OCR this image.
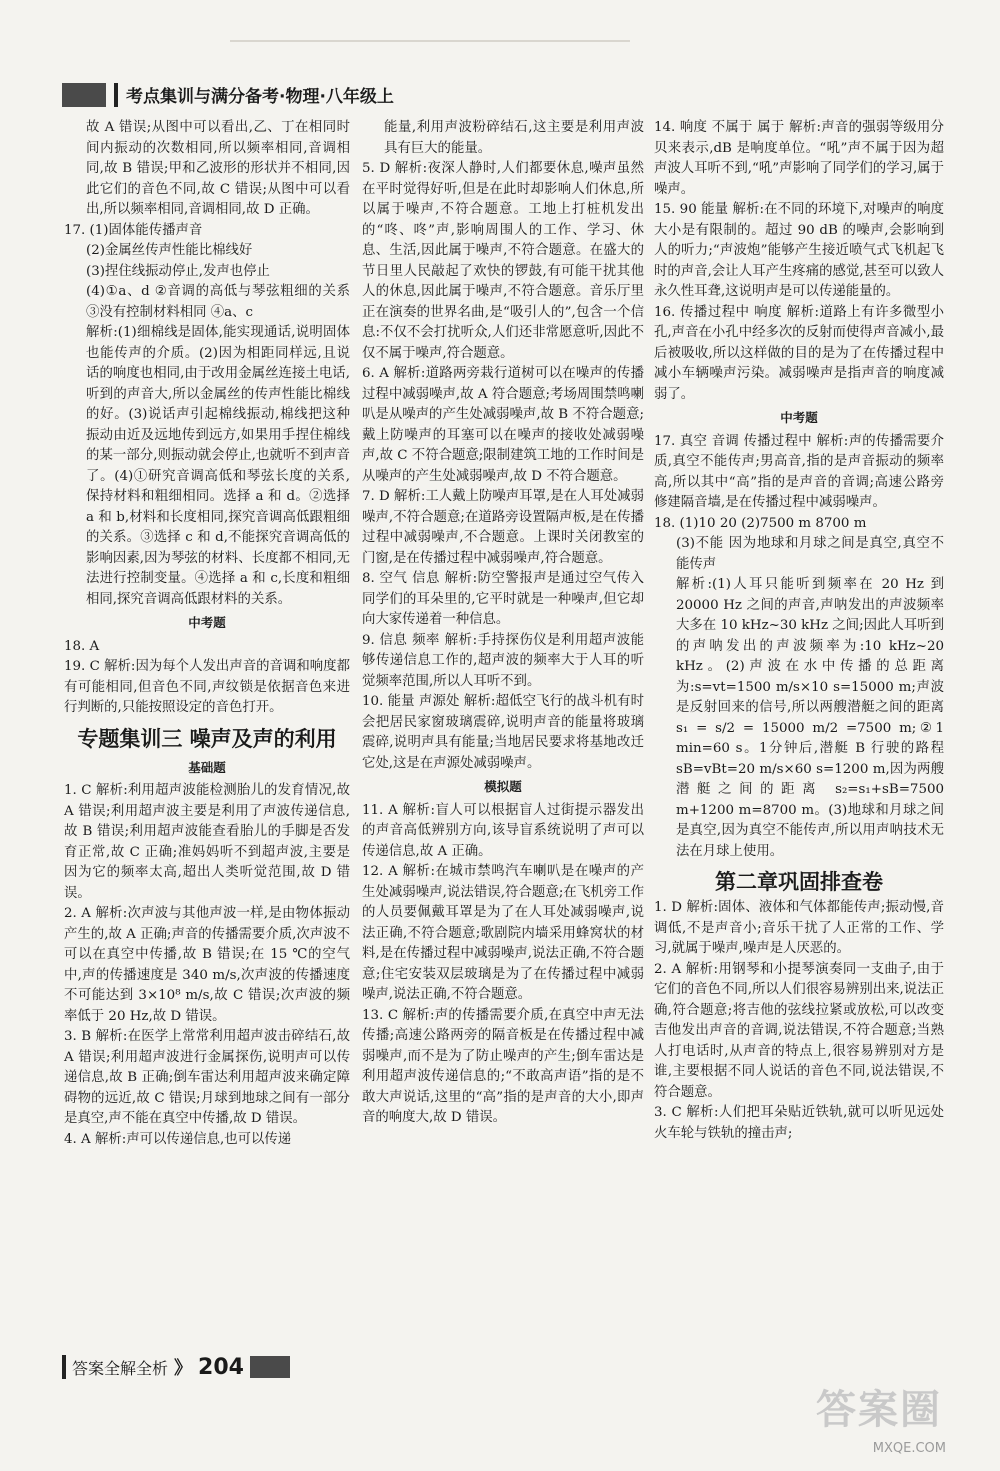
考点集训与满分备考·物理·八年级上

故 A 错误;从图中可以看出,乙、丁在相同时间内振动的次数相同,所以频率相同,音调相同,故 B 错误;甲和乙波形的形状并不相同,因此它们的音色不同,故 C 错误;从图中可以看出,所以频率相同,音调相同,故 D 正确。

17. (1)固体能传播声音

(2)金属丝传声性能比棉线好

(3)捏住线振动停止,发声也停止

(4)①a、d ②音调的高低与琴弦粗细的关系 ③没有控制材料相同 ④a、c

解析:(1)细棉线是固体,能实现通话,说明固体也能传声的介质。(2)因为相距同样远,且说话的响度也相同,由于改用金属丝连接土电话,听到的声音大,所以金属丝的传声性能比棉线的好。(3)说话声引起棉线振动,棉线把这种振动由近及远地传到远方,如果用手捏住棉线的某一部分,则振动就会停止,也就听不到声音了。(4)①研究音调高低和琴弦长度的关系,保持材料和粗细相同。选择 a 和 d。②选择 a 和 b,材料和长度相同,探究音调高低跟粗细的关系。③选择 c 和 d,不能探究音调高低的影响因素,因为琴弦的材料、长度都不相同,无法进行控制变量。④选择 a 和 c,长度和粗细相同,探究音调高低跟材料的关系。

中考题

18. A

19. C 解析:因为每个人发出声音的音调和响度都有可能相同,但音色不同,声纹锁是依据音色来进行判断的,只能按照设定的音色打开。

专题集训三 噪声及声的利用

基础题

1. C 解析:利用超声波能检测胎儿的发育情况,故 A 错误;利用超声波主要是利用了声波传递信息,故 B 错误;利用超声波能查看胎儿的手脚是否发育正常,故 C 正确;准妈妈听不到超声波,主要是因为它的频率太高,超出人类听觉范围,故 D 错误。

2. A 解析:次声波与其他声波一样,是由物体振动产生的,故 A 正确;声音的传播需要介质,次声波不可以在真空中传播,故 B 错误;在 15 ℃的空气中,声的传播速度是 340 m/s,次声波的传播速度不可能达到 3×10⁸ m/s,故 C 错误;次声波的频率低于 20 Hz,故 D 错误。

3. B 解析:在医学上常常利用超声波击碎结石,故 A 错误;利用超声波进行金属探伤,说明声可以传递信息,故 B 正确;倒车雷达利用超声波来确定障碍物的远近,故 C 错误;月球到地球之间有一部分是真空,声不能在真空中传播,故 D 错误。

4. A 解析:声可以传递信息,也可以传递

能量,利用声波粉碎结石,这主要是利用声波具有巨大的能量。

5. D 解析:夜深人静时,人们都要休息,噪声虽然在平时觉得好听,但是在此时却影响人们休息,所以属于噪声,不符合题意。工地上打桩机发出的“咚、咚”声,影响周围人的工作、学习、休息、生活,因此属于噪声,不符合题意。在盛大的节日里人民敲起了欢快的锣鼓,有可能干扰其他人的休息,因此属于噪声,不符合题意。音乐厅里正在演奏的世界名曲,是“吸引人的”,包含一个信息:不仅不会打扰听众,人们还非常愿意听,因此不仅不属于噪声,符合题意。

6. A 解析:道路两旁栽行道树可以在噪声的传播过程中减弱噪声,故 A 符合题意;考场周围禁鸣喇叭是从噪声的产生处减弱噪声,故 B 不符合题意;戴上防噪声的耳塞可以在噪声的接收处减弱噪声,故 C 不符合题意;限制建筑工地的工作时间是从噪声的产生处减弱噪声,故 D 不符合题意。

7. D 解析:工人戴上防噪声耳罩,是在人耳处减弱噪声,不符合题意;在道路旁设置隔声板,是在传播过程中减弱噪声,不合题意。上课时关闭教室的门窗,是在传播过程中减弱噪声,符合题意。

8. 空气 信息 解析:防空警报声是通过空气传入同学们的耳朵里的,它平时就是一种噪声,但它却向大家传递着一种信息。

9. 信息 频率 解析:手持探伤仪是利用超声波能够传递信息工作的,超声波的频率大于人耳的听觉频率范围,所以人耳听不到。

10. 能量 声源处 解析:超低空飞行的战斗机有时会把居民家窗玻璃震碎,说明声音的能量将玻璃震碎,说明声具有能量;当地居民要求将基地改迁它处,这是在声源处减弱噪声。

模拟题

11. A 解析:盲人可以根据盲人过街提示器发出的声音高低辨别方向,该导盲系统说明了声可以传递信息,故 A 正确。

12. A 解析:在城市禁鸣汽车喇叭是在噪声的产生处减弱噪声,说法错误,符合题意;在飞机旁工作的人员要佩戴耳罩是为了在人耳处减弱噪声,说法正确,不符合题意;歌剧院内墙采用蜂窝状的材料,是在传播过程中减弱噪声,说法正确,不符合题意;住宅安装双层玻璃是为了在传播过程中减弱噪声,说法正确,不符合题意。

13. C 解析:声的传播需要介质,在真空中声无法传播;高速公路两旁的隔音板是在传播过程中减弱噪声,而不是为了防止噪声的产生;倒车雷达是利用超声波传递信息的;“不敢高声语”指的是不敢大声说话,这里的“高”指的是声音的大小,即声音的响度大,故 D 错误。

14. 响度 不属于 属于 解析:声音的强弱等级用分贝来表示,dB 是响度单位。“吼”声不属于因为超声波人耳听不到,“吼”声影响了同学们的学习,属于噪声。

15. 90 能量 解析:在不同的环境下,对噪声的响度大小是有限制的。超过 90 dB 的噪声,会影响到人的听力;“声波炮”能够产生接近喷气式飞机起飞时的声音,会让人耳产生疼痛的感觉,甚至可以致人永久性耳聋,这说明声是可以传递能量的。

16. 传播过程中 响度 解析:道路上有许多微型小孔,声音在小孔中经多次的反射而使得声音减小,最后被吸收,所以这样做的目的是为了在传播过程中减小车辆噪声污染。减弱噪声是指声音的响度减弱了。

中考题

17. 真空 音调 传播过程中 解析:声的传播需要介质,真空不能传声;男高音,指的是声音振动的频率高,所以其中“高”指的是声音的音调;高速公路旁修建隔音墙,是在传播过程中减弱噪声。

18. (1)10 20 (2)7500 m 8700 m

(3)不能 因为地球和月球之间是真空,真空不能传声

解析:(1)人耳只能听到频率在 20 Hz 到 20000 Hz 之间的声音,声呐发出的声波频率大多在 10 kHz~30 kHz 之间;因此人耳听到的声呐发出的声波频率为:10 kHz~20 kHz。(2)声波在水中传播的总距离为:s=vt=1500 m/s×10 s=15000 m;声波是反射回来的信号,所以两艘潜艇之间的距离 s₁ = s/2 = 15000 m/2 =7500 m;②1 min=60 s。1分钟后,潜艇 B 行驶的路程 sB=vBt=20 m/s×60 s=1200 m,因为两艘潜艇之间的距离 s₂=s₁+sB=7500 m+1200 m=8700 m。(3)地球和月球之间是真空,因为真空不能传声,所以用声呐技术无法在月球上使用。

第二章巩固排查卷

1. D 解析:固体、液体和气体都能传声;振动慢,音调低,不是声音小;音乐干扰了人正常的工作、学习,就属于噪声,噪声是人厌恶的。

2. A 解析:用钢琴和小提琴演奏同一支曲子,由于它们的音色不同,所以人们很容易辨别出来,说法正确,符合题意;将吉他的弦线拉紧或放松,可以改变吉他发出声音的音调,说法错误,不符合题意;当熟人打电话时,从声音的特点上,很容易辨别对方是谁,主要根据不同人说话的音色不同,说法错误,不符合题意。

3. C 解析:人们把耳朵贴近铁轨,就可以听见远处火车轮与铁轨的撞击声;

答案全解全析 》 204
答案圈
MXQE.COM
